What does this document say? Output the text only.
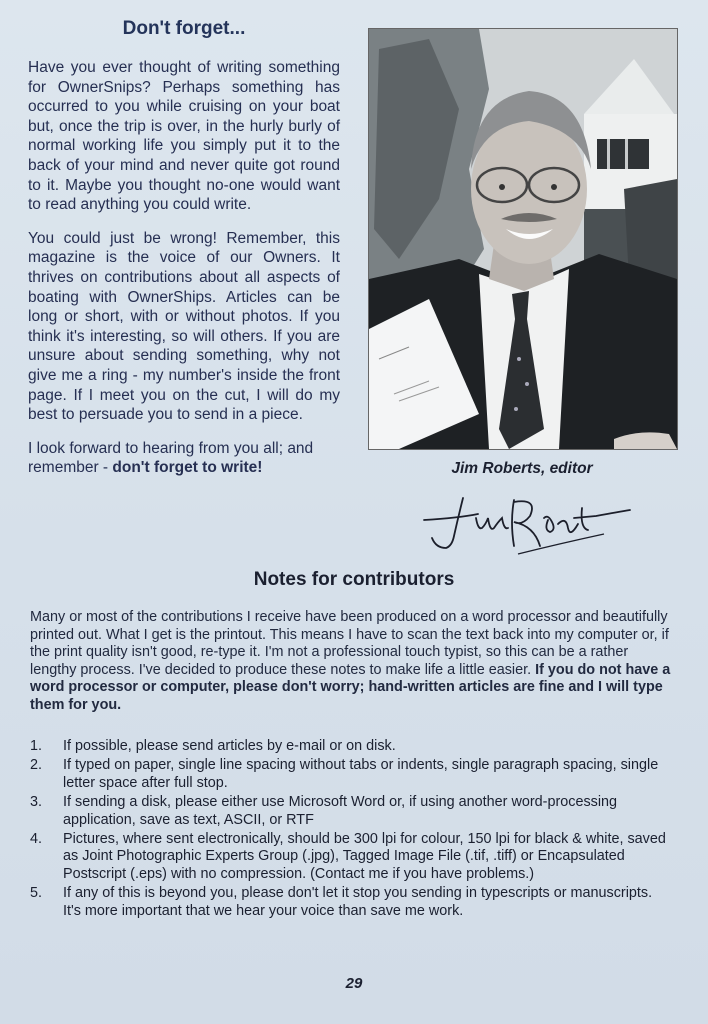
Don't forget...

Have you ever thought of writing something for OwnerSnips? Perhaps something has occurred to you while cruising on your boat but, once the trip is over, in the hurly burly of normal working life you simply put it to the back of your mind and never quite got round to it. Maybe you thought no-one would want to read anything you could write.

You could just be wrong! Remember, this magazine is the voice of our Owners. It thrives on contributions about all aspects of boating with OwnerShips. Articles can be long or short, with or without photos. If you think it's interesting, so will others. If you are unsure about sending something, why not give me a ring - my number's inside the front page. If I meet you on the cut, I will do my best to persuade you to send in a piece.

I look forward to hearing from you all; and remember - don't forget to write!	Jim Roberts, editor
Notes for contributors
Many or most of the contributions I receive have been produced on a word processor and beautifully printed out. What I get is the printout. This means I have to scan the text back into my computer or, if the print quality isn't good, re-type it. I'm not a professional touch typist, so this can be a rather lengthy process. I've decided to produce these notes to make life a little easier. If you do not have a word processor or computer, please don't worry; hand-written articles are fine and I will type them for you.
1. If possible, please send articles by e-mail or on disk.
2. If typed on paper, single line spacing without tabs or indents, single paragraph spacing, single letter space after full stop.
3. If sending a disk, please either use Microsoft Word or, if using another word-processing application, save as text, ASCII, or RTF
4. Pictures, where sent electronically, should be 300 lpi for colour, 150 lpi for black & white, saved as Joint Photographic Experts Group (.jpg), Tagged Image File (.tif, .tiff) or Encapsulated Postscript (.eps) with no compression. (Contact me if you have problems.)
5. If any of this is beyond you, please don't let it stop you sending in typescripts or manuscripts. It's more important that we hear your voice than save me work.
29
